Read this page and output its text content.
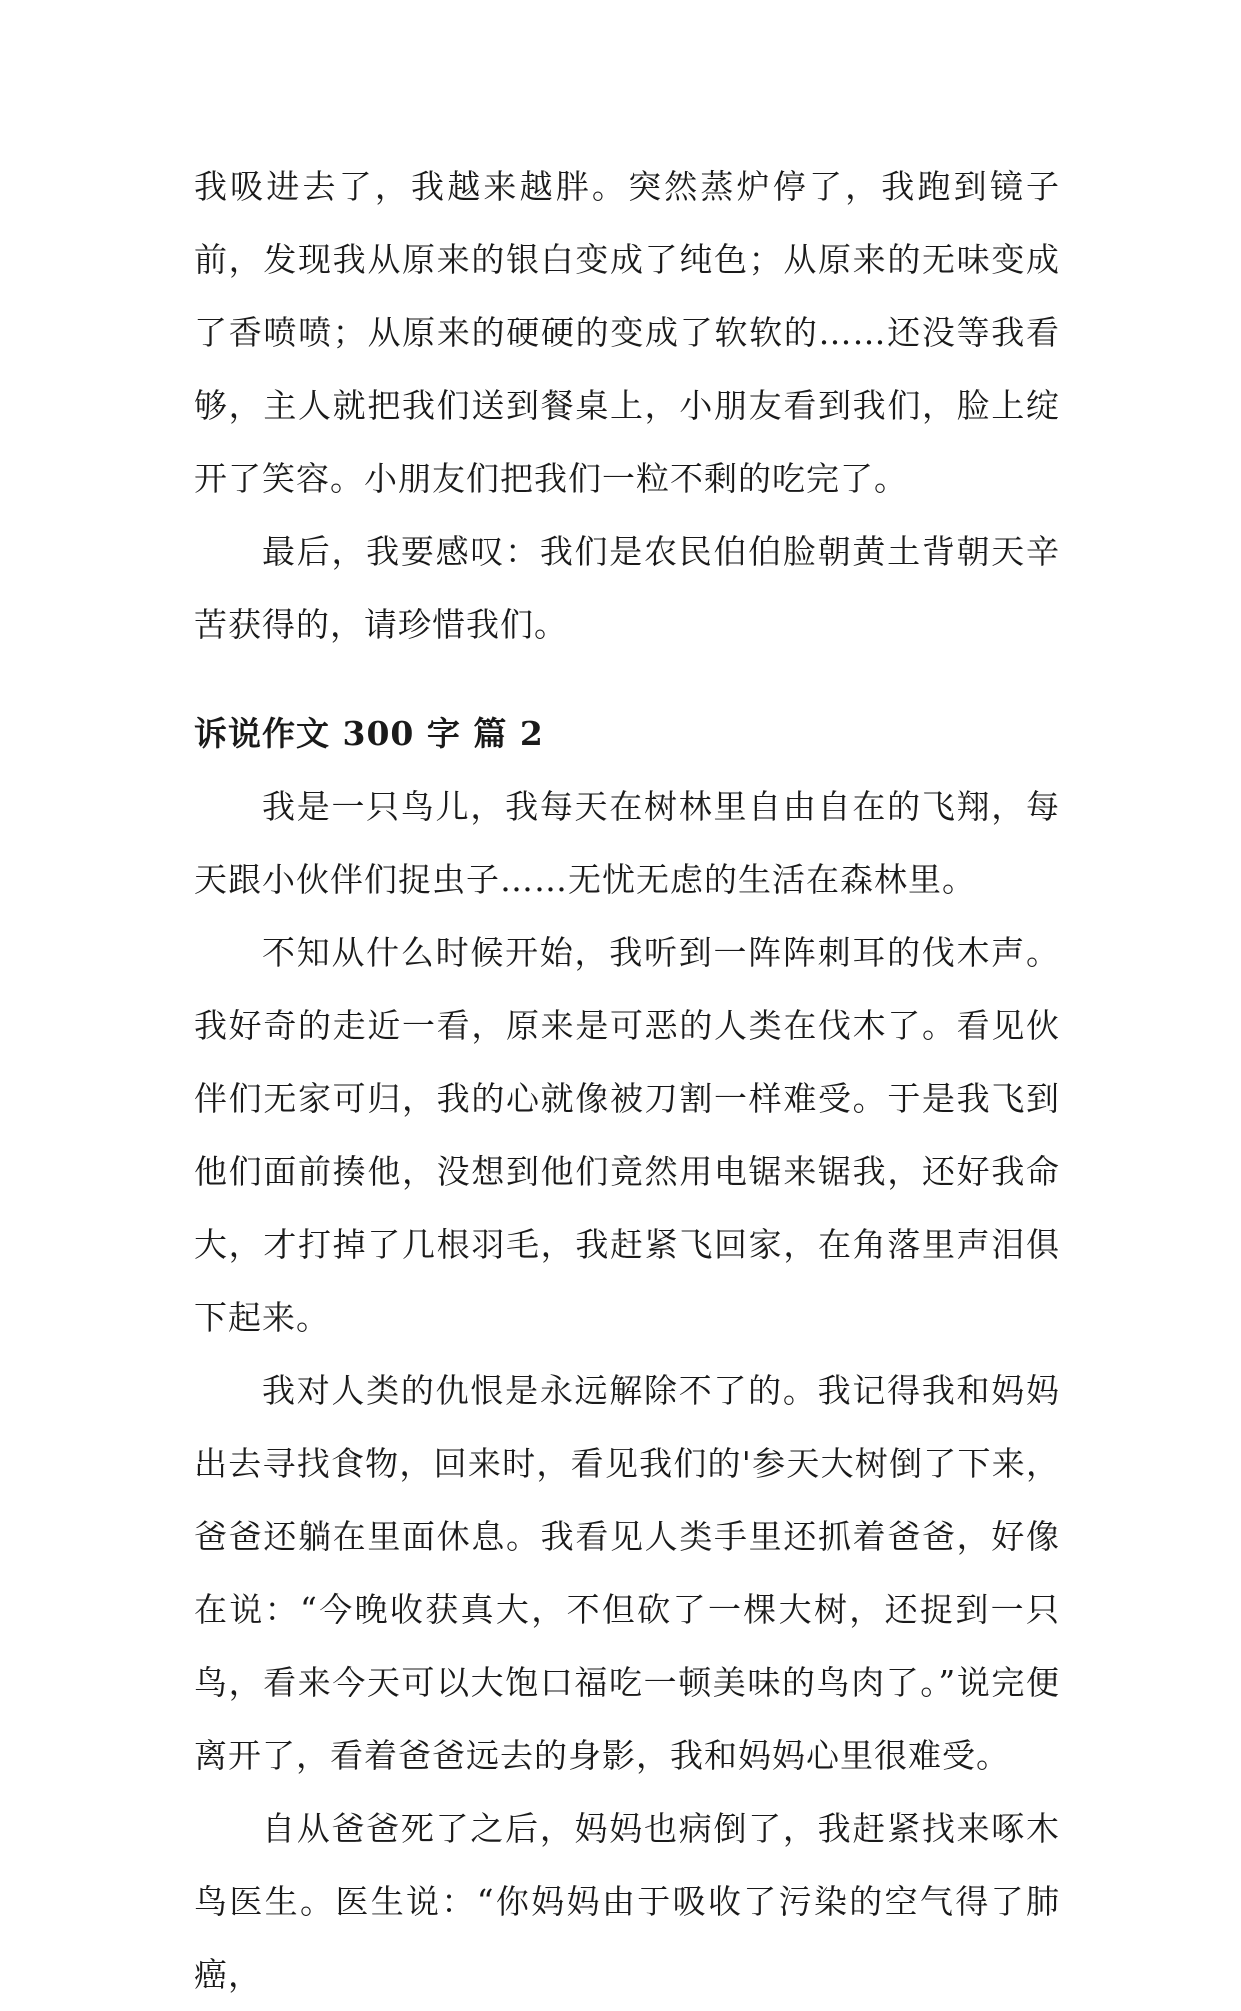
我吸进去了，我越来越胖。突然蒸炉停了，我跑到镜子前，发现我从原来的银白变成了纯色；从原来的无味变成了香喷喷；从原来的硬硬的变成了软软的……还没等我看够，主人就把我们送到餐桌上，小朋友看到我们，脸上绽开了笑容。小朋友们把我们一粒不剩的吃完了。

最后，我要感叹：我们是农民伯伯脸朝黄土背朝天辛苦获得的，请珍惜我们。

诉说作文 300 字 篇 2

我是一只鸟儿，我每天在树林里自由自在的飞翔，每天跟小伙伴们捉虫子……无忧无虑的生活在森林里。

不知从什么时候开始，我听到一阵阵刺耳的伐木声。我好奇的走近一看，原来是可恶的人类在伐木了。看见伙伴们无家可归，我的心就像被刀割一样难受。于是我飞到他们面前揍他，没想到他们竟然用电锯来锯我，还好我命大，才打掉了几根羽毛，我赶紧飞回家，在角落里声泪俱下起来。

我对人类的仇恨是永远解除不了的。我记得我和妈妈出去寻找食物，回来时，看见我们的'参天大树倒了下来，爸爸还躺在里面休息。我看见人类手里还抓着爸爸，好像在说：“今晚收获真大，不但砍了一棵大树，还捉到一只鸟，看来今天可以大饱口福吃一顿美味的鸟肉了。”说完便离开了，看着爸爸远去的身影，我和妈妈心里很难受。

自从爸爸死了之后，妈妈也病倒了，我赶紧找来啄木鸟医生。医生说：“你妈妈由于吸收了污染的空气得了肺癌，
